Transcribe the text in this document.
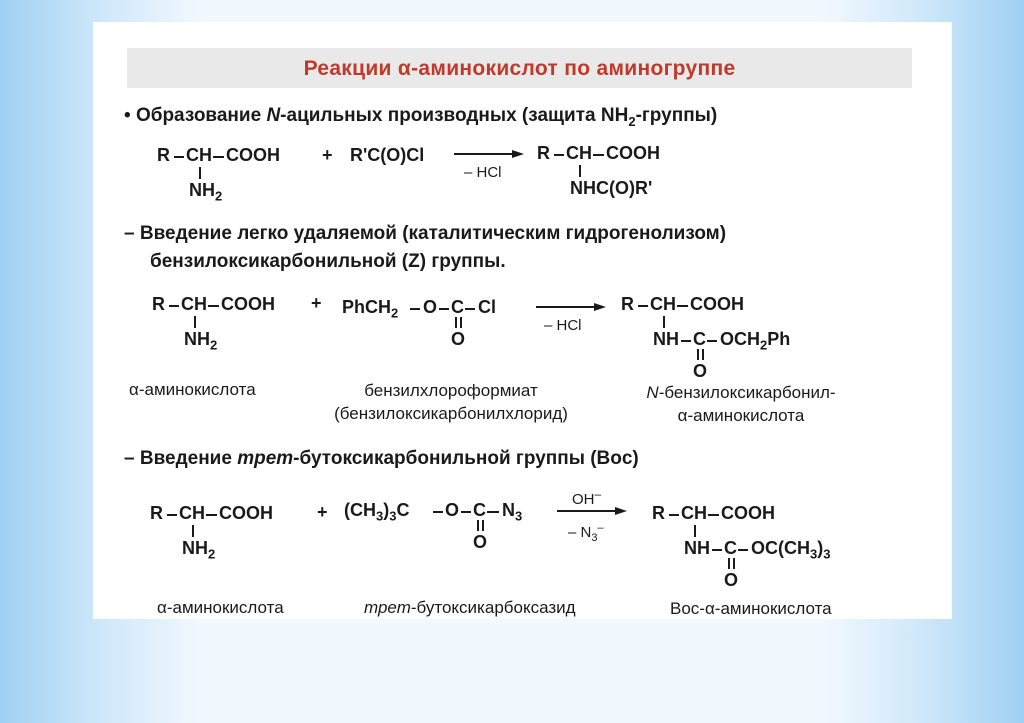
Реакции α-аминокислот по аминогруппе
• Образование N-ацильных производных (защита $NH_2-группы$)
R CH COOH
$NH_2$
+ R'C(O)Cl
– HCl
R CH COOH
NHC(O)R'
– Введение легко удаляемой (каталитическим гидрогенолизом)
бензилоксикарбонильной (Z) группы.
R CH COOH
$NH_2$
+ PhCH$_2$ O C Cl
O
– HCl
R CH COOH
NH C $OCH_2Ph$
O
α-аминокислота	бензилхлороформиат
(бензилоксикарбонилхлорид)
N-бензилоксикарбонил-
α-аминокислота
– Введение трет-бутоксикарбонильной группы (Boc)
R CH COOH
$NH_2$
+ $(CH_3)_3C$ O C $N_3$
O
OH–
– $N_3^-$
R CH COOH
NH C $OC(CH_3)_3$
O
α-аминокислота	трет-бутоксикарбоксазид	Boc-α-аминокислота
